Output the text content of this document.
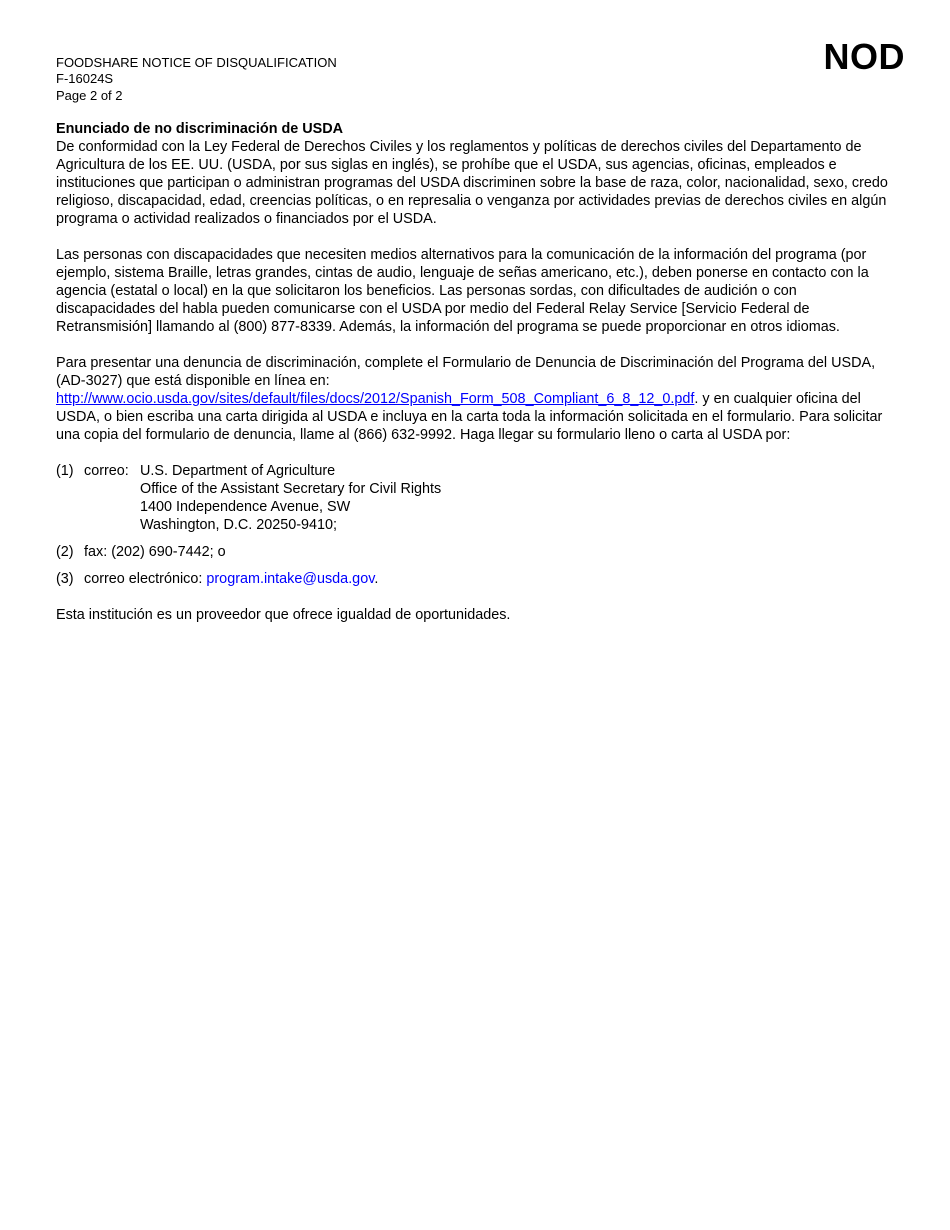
FOODSHARE NOTICE OF DISQUALIFICATION
F-16024S
Page 2 of 2
NOD

Enunciado de no discriminación de USDA

De conformidad con la Ley Federal de Derechos Civiles y los reglamentos y políticas de derechos civiles del Departamento de Agricultura de los EE. UU. (USDA, por sus siglas en inglés), se prohíbe que el USDA, sus agencias, oficinas, empleados e instituciones que participan o administran programas del USDA discriminen sobre la base de raza, color, nacionalidad, sexo, credo religioso, discapacidad, edad, creencias políticas, o en represalia o venganza por actividades previas de derechos civiles en algún programa o actividad realizados o financiados por el USDA.

Las personas con discapacidades que necesiten medios alternativos para la comunicación de la información del programa (por ejemplo, sistema Braille, letras grandes, cintas de audio, lenguaje de señas americano, etc.), deben ponerse en contacto con la agencia (estatal o local) en la que solicitaron los beneficios. Las personas sordas, con dificultades de audición o con discapacidades del habla pueden comunicarse con el USDA por medio del Federal Relay Service [Servicio Federal de Retransmisión] llamando al (800) 877-8339. Además, la información del programa se puede proporcionar en otros idiomas.

Para presentar una denuncia de discriminación, complete el Formulario de Denuncia de Discriminación del Programa del USDA, (AD-3027) que está disponible en línea en:
http://www.ocio.usda.gov/sites/default/files/docs/2012/Spanish_Form_508_Compliant_6_8_12_0.pdf. y en cualquier oficina del USDA, o bien escriba una carta dirigida al USDA e incluya en la carta toda la información solicitada en el formulario. Para solicitar una copia del formulario de denuncia, llame al (866) 632-9992. Haga llegar su formulario lleno o carta al USDA por:

(1) correo: U.S. Department of Agriculture
Office of the Assistant Secretary for Civil Rights
1400 Independence Avenue, SW
Washington, D.C. 20250-9410;
(2) fax: (202) 690-7442; o
(3) correo electrónico: program.intake@usda.gov.

Esta institución es un proveedor que ofrece igualdad de oportunidades.
